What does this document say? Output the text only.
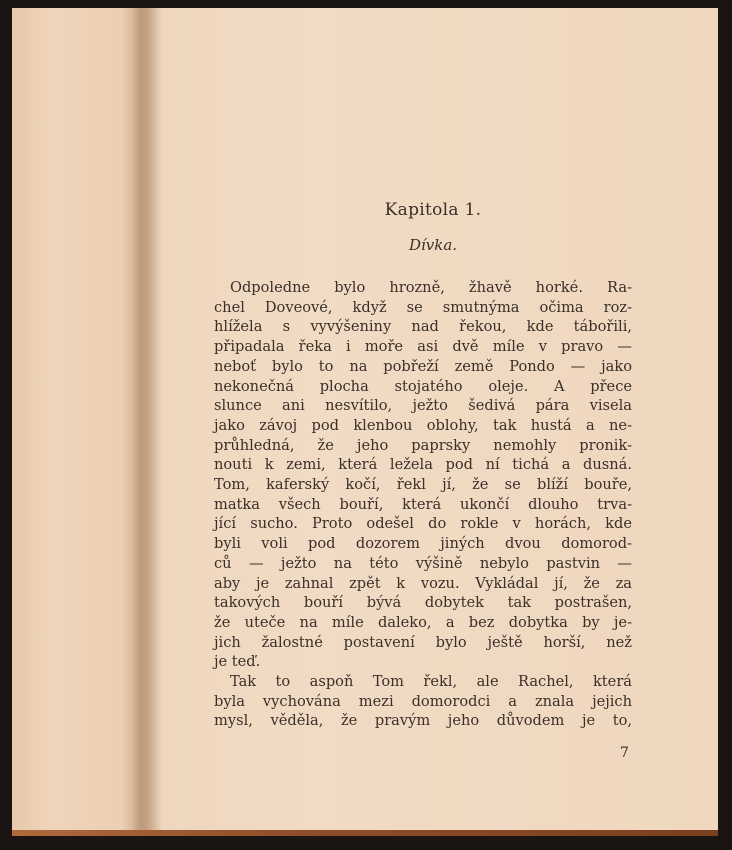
Kapitola 1.

Dívka.

Odpoledne bylo hrozně, žhavě horké. Ra-
chel Doveové, když se smutnýma očima roz-
hlížela s vyvýšeniny nad řekou, kde tábořili,
připadala řeka i moře asi dvě míle v pravo —
neboť bylo to na pobřeží země Pondo — jako
nekonečná plocha stojatého oleje. A přece
slunce ani nesvítilo, ježto šedivá pára visela
jako závoj pod klenbou oblohy, tak hustá a ne-
průhledná, že jeho paprsky nemohly pronik-
nouti k zemi, která ležela pod ní tichá a dusná.
Tom, kaferský kočí, řekl jí, že se blíží bouře,
matka všech bouří, která ukončí dlouho trva-
jící sucho. Proto odešel do rokle v horách, kde
byli voli pod dozorem jiných dvou domorod-
ců — ježto na této výšině nebylo pastvin —
aby je zahnal zpět k vozu. Vykládal jí, že za
takových bouří bývá dobytek tak postrašen,
že uteče na míle daleko, a bez dobytka by je-
jich žalostné postavení bylo ještě horší, než
je teď.
Tak to aspoň Tom řekl, ale Rachel, která
byla vychována mezi domorodci a znala jejich
mysl, věděla, že pravým jeho důvodem je to,
7
